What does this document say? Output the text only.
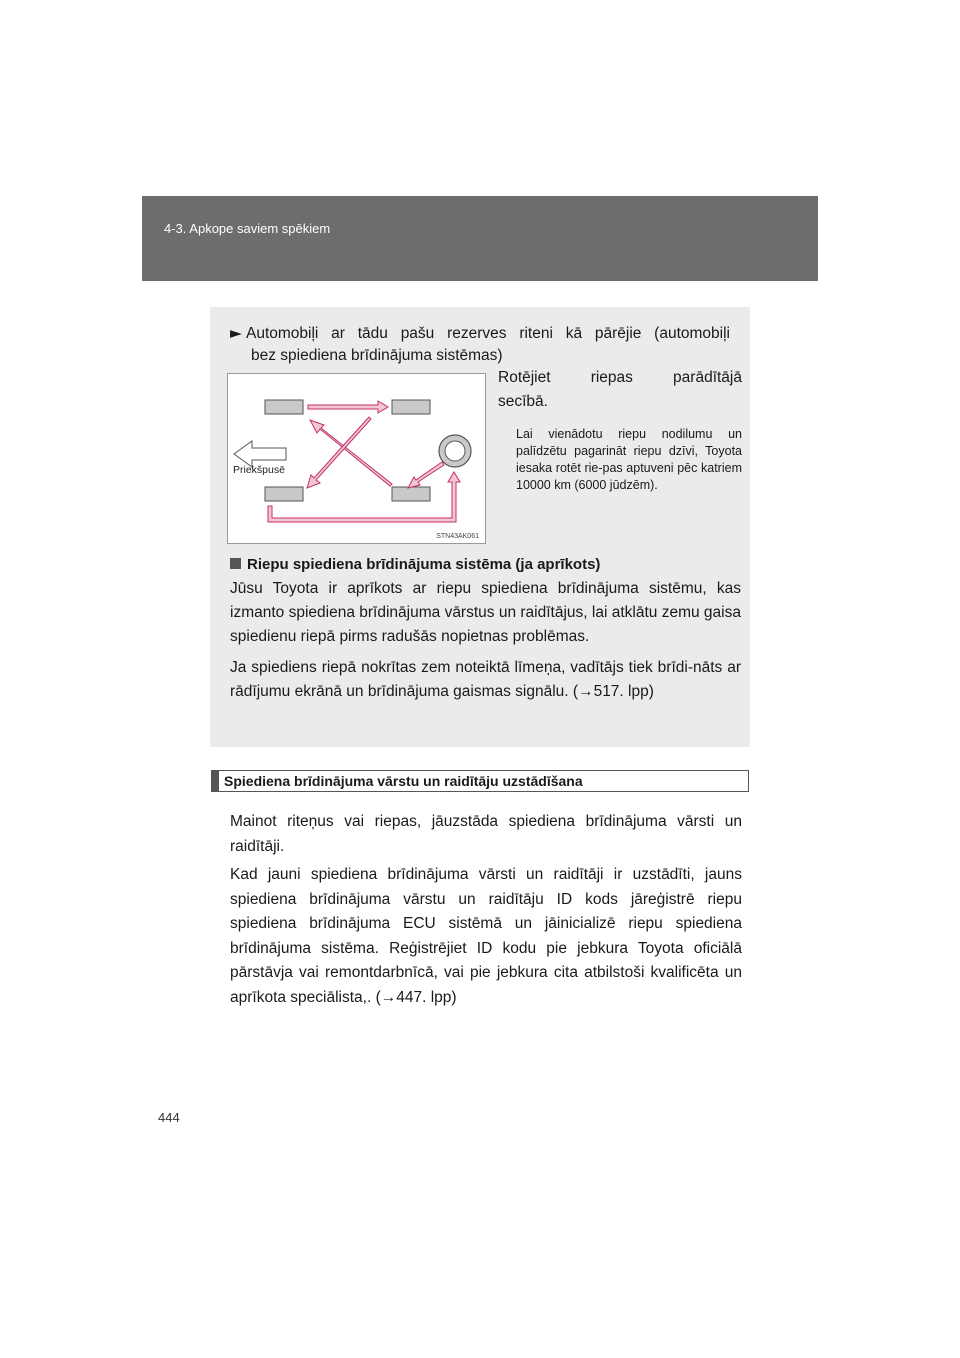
4-3. Apkope saviem spēkiem
► Automobiļi ar tādu pašu rezerves riteni kā pārējie (automobiļi
bez spiediena brīdinājuma sistēmas)
Priekšpusē
STN43AK061
Rotējiet riepas parādītājā
secībā.
Lai vienādotu riepu nodilumu un palīdzētu pagarināt riepu dzīvi, Toyota iesaka rotēt rie-pas aptuveni pēc katriem 10000 km (6000 jūdzēm).
Riepu spiediena brīdinājuma sistēma (ja aprīkots)
Jūsu Toyota ir aprīkots ar riepu spiediena brīdinājuma sistēmu, kas izmanto spiediena brīdinājuma vārstus un raidītājus, lai atklātu zemu gaisa spiedienu riepā pirms radušās nopietnas problēmas.
Ja spiediens riepā nokrītas zem noteiktā līmeņa, vadītājs tiek brīdi-nāts ar rādījumu ekrānā un brīdinājuma gaismas signālu. (→517. lpp)
Spiediena brīdinājuma vārstu un raidītāju uzstādīšana
Mainot riteņus vai riepas, jāuzstāda spiediena brīdinājuma vārsti un raidītāji.
Kad jauni spiediena brīdinājuma vārsti un raidītāji ir uzstādīti, jauns spiediena brīdinājuma vārstu un raidītāju ID kods jāreģistrē riepu spiediena brīdinājuma ECU sistēmā un jāinicializē riepu spiediena brīdinājuma sistēma. Reģistrējiet ID kodu pie jebkura Toyota oficiālā pārstāvja vai remontdarbnīcā, vai pie jebkura cita atbilstoši kvalificēta un aprīkota speciālista,. (→447. lpp)
444
